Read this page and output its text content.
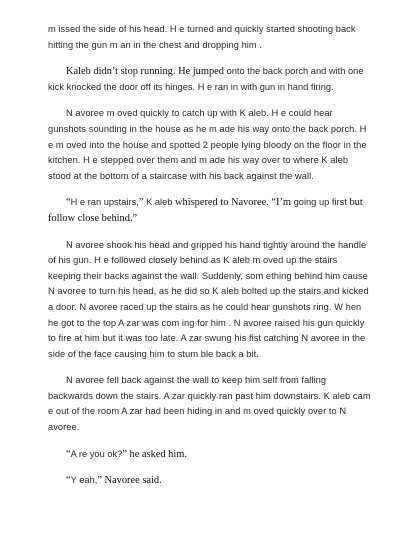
m issed the side of his head. H e turned and quickly started shooting back hitting the gun m an in the chest and dropping him .

Kaleb didn’t stop running. He jumped onto the back porch and with one kick knocked the door off its hinges. H e ran in with gun in hand firing.

N avoree m oved quickly to catch up with K aleb. H e could hear gunshots sounding in the house as he m ade his way onto the back porch. H e m oved into the house and spotted 2 people lying bloody on the floor in the kitchen. H e stepped over them and m ade his way over to where K aleb stood at the bottom of a staircase with his back against the wall.

“H e ran upstairs,” K aleb whispered to Navoree. “I’m going up first but follow close behind.”

N avoree shook his head and gripped his hand tightly around the handle of his gun. H e followed closely behind as K aleb m oved up the stairs keeping their backs against the wall. Suddenly, som ething behind him cause N avoree to turn his head, as he did so K aleb bolted up the stairs and kicked a door. N avoree raced up the stairs as he could hear gunshots ring. W hen he got to the top A zar was com ing for him . N avoree raised his gun quickly to fire at him but it was too late. A zar swung his fist catching N avoree in the side of the face causing him to stum ble back a bit.

N avoree fell back against the wall to keep him self from falling backwards down the stairs. A zar quickly ran past him downstairs. K aleb cam e out of the room A zar had been hiding in and m oved quickly over to N avoree.

“A re you ok?” he asked him.

“Y eah,” Navoree said.
